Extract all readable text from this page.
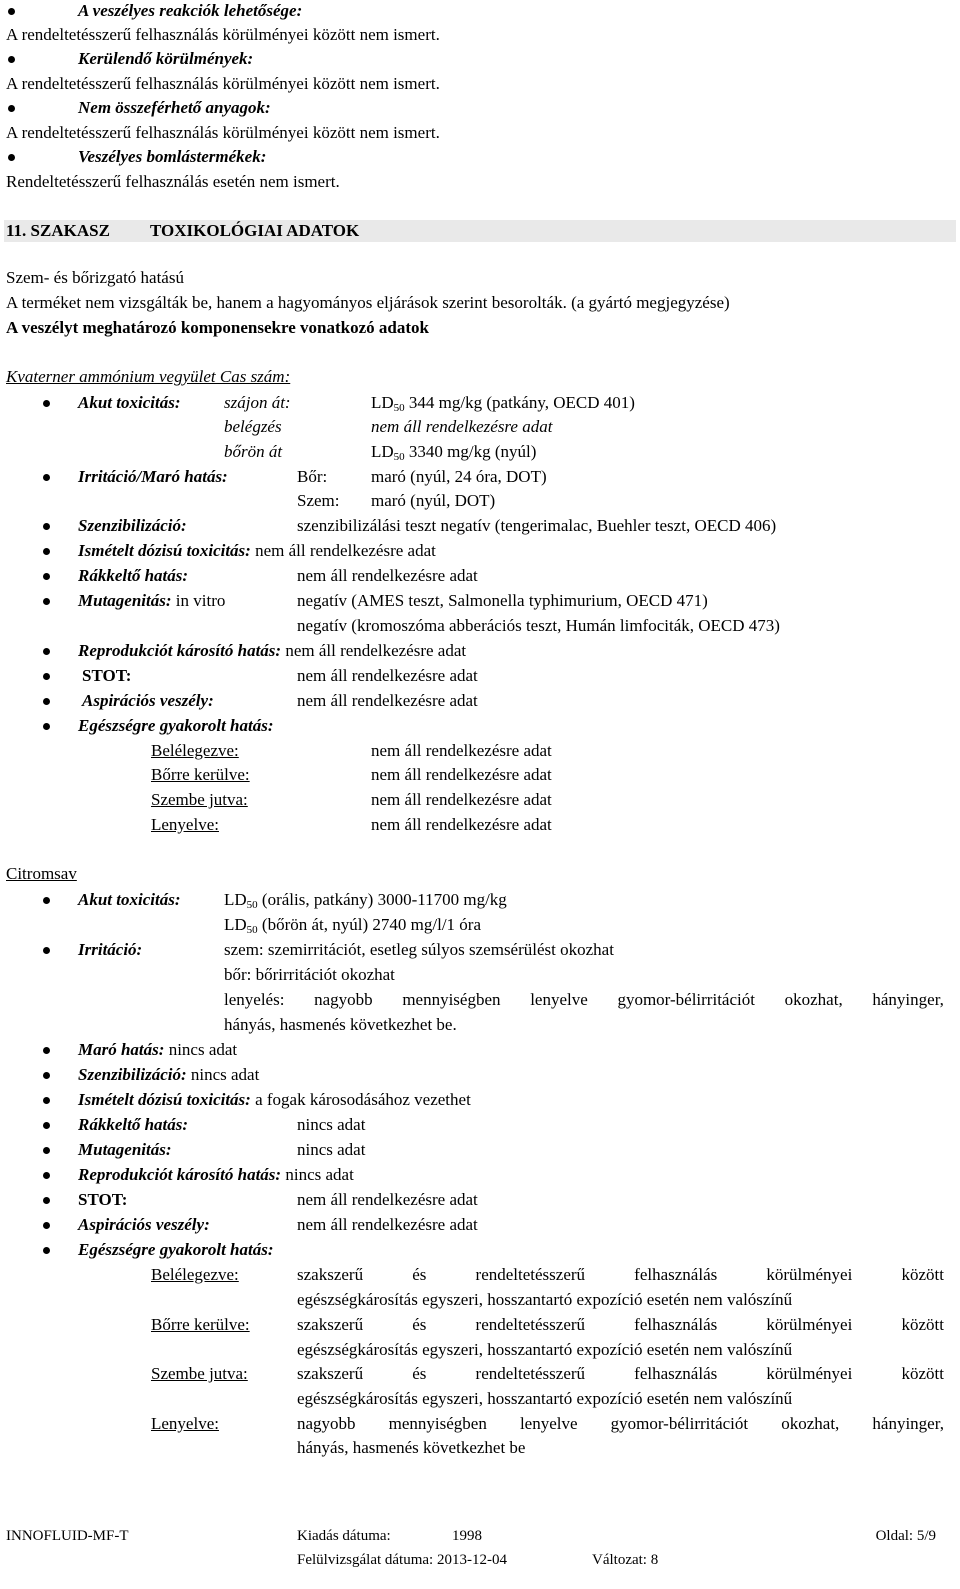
A veszélyes reakciók lehetősége:
A rendeltetésszerű felhasználás körülményei között nem ismert.
Kerülendő körülmények:
A rendeltetésszerű felhasználás körülményei között nem ismert.
Nem összeférhető anyagok:
A rendeltetésszerű felhasználás körülményei között nem ismert.
Veszélyes bomlástermékek:
Rendeltetésszerű felhasználás esetén nem ismert.
11. SZAKASZ TOXIKOLÓGIAI ADATOK
Szem- és bőrizgató hatású
A terméket nem vizsgálták be, hanem a hagyományos eljárások szerint besorolták. (a gyártó megjegyzése)
A veszélyt meghatározó komponensekre vonatkozó adatok
Kvaterner ammónium vegyület Cas szám:
Akut toxicitás:	szájon át:	$LD_{50}$ 344 mg/kg (patkány, OECD 401)
belégzés	nem áll rendelkezésre adat
bőrön át	$LD_{50}$ 3340 mg/kg (nyúl)
Irritáció/Maró hatás:	Bőr:	maró (nyúl, 24 óra, DOT)
Szem: maró (nyúl, DOT)
Szenzibilizáció:	szenzibilizálási teszt negatív (tengerimalac, Buehler teszt, OECD 406)
Ismételt dózisú toxicitás: nem áll rendelkezésre adat
Rákkeltő hatás:	nem áll rendelkezésre adat
Mutagenitás: in vitro	negatív (AMES teszt, Salmonella typhimurium, OECD 471)
negatív (kromoszóma abberációs teszt, Humán limfociták, OECD 473)
Reprodukciót károsító hatás: nem áll rendelkezésre adat
STOT:	nem áll rendelkezésre adat
Aspirációs veszély:	nem áll rendelkezésre adat
Egészségre gyakorolt hatás:
Belélegezve:	nem áll rendelkezésre adat
Bőrre kerülve:	nem áll rendelkezésre adat
Szembe jutva:	nem áll rendelkezésre adat
Lenyelve:	nem áll rendelkezésre adat
Citromsav
Akut toxicitás:	$LD_{50}$ (orális, patkány) 3000-11700 mg/kg
$LD_{50}$ (bőrön át, nyúl) 2740 mg/l/1 óra
Irritáció:	szem: szemirritációt, esetleg súlyos szemsérülést okozhat
bőr: bőrirritációt okozhat
lenyelés: nagyobb mennyiségben lenyelve gyomor-bélirritációt okozhat, hányinger,
hányás, hasmenés következhet be.
Maró hatás: nincs adat
Szenzibilizáció: nincs adat
Ismételt dózisú toxicitás: a fogak károsodásához vezethet
Rákkeltő hatás:	nincs adat
Mutagenitás:	nincs adat
Reprodukciót károsító hatás: nincs adat
STOT:	nem áll rendelkezésre adat
Aspirációs veszély:	nem áll rendelkezésre adat
Egészségre gyakorolt hatás:
Belélegezve:	szakszerű	és	rendeltetésszerű	felhasználás	körülményei	között
egészségkárosítás egyszeri, hosszantartó expozíció esetén nem valószínű
Bőrre kerülve:	szakszerű	és	rendeltetésszerű	felhasználás	körülményei	között
egészségkárosítás egyszeri, hosszantartó expozíció esetén nem valószínű
Szembe jutva:	szakszerű	és	rendeltetésszerű	felhasználás	körülményei	között
egészségkárosítás egyszeri, hosszantartó expozíció esetén nem valószínű
Lenyelve:	nagyobb mennyiségben lenyelve gyomor-bélirritációt okozhat, hányinger,
hányás, hasmenés következhet be
INNOFLUID-MF-T	Kiadás dátuma:	1998	Oldal: 5/9
Felülvizsgálat dátuma: 2013-12-04	Változat: 8
